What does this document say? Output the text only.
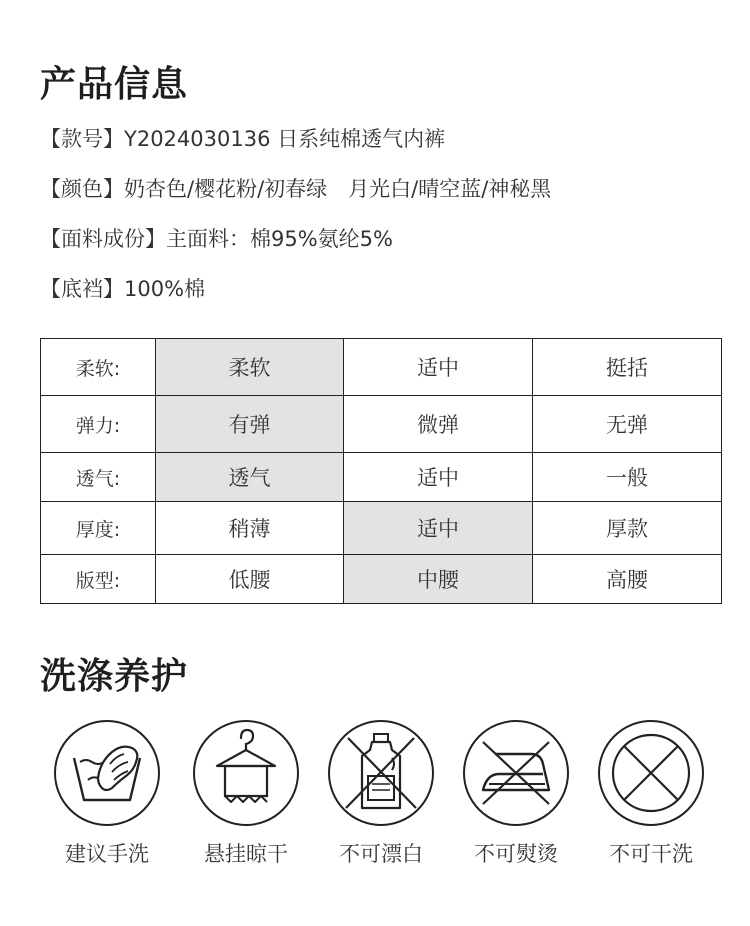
产品信息
【款号】Y2024030136 日系纯棉透气内裤
【颜色】奶杏色/樱花粉/初春绿　月光白/晴空蓝/神秘黑
【面料成份】主面料：棉95%氨纶5%
【底裆】100%棉
柔软:	柔软	适中	挺括
弹力:	有弹	微弹	无弹
透气:	透气	适中	一般
厚度:	稍薄	适中	厚款
版型:	低腰	中腰	高腰
洗涤养护
建议手洗	悬挂晾干	不可漂白	不可熨烫	不可干洗
